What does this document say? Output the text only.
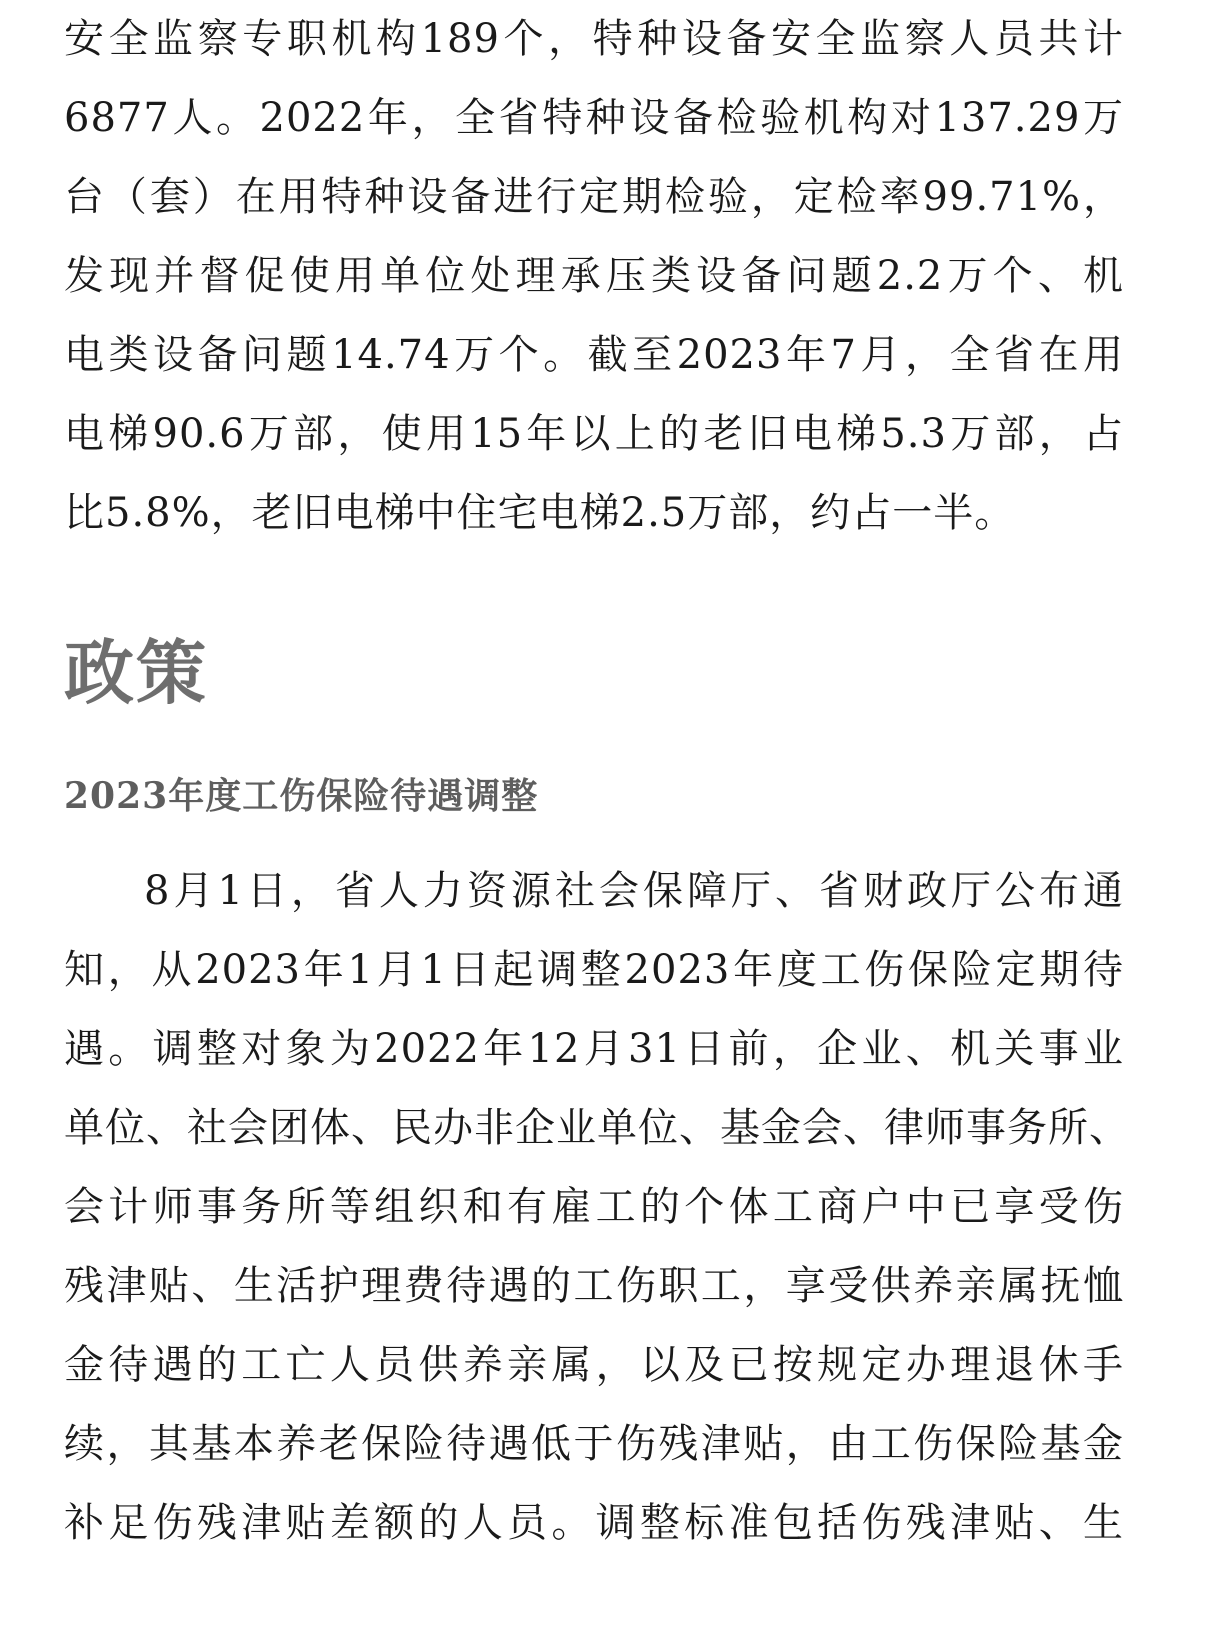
安全监察专职机构189个，特种设备安全监察人员共计
6877人。2022年，全省特种设备检验机构对137.29万
台（套）在用特种设备进行定期检验，定检率99.71%，
发现并督促使用单位处理承压类设备问题2.2万个、机
电类设备问题14.74万个。截至2023年7月，全省在用
电梯90.6万部，使用15年以上的老旧电梯5.3万部，占
比5.8%，老旧电梯中住宅电梯2.5万部，约占一半。
政策
2023年度工伤保险待遇调整
8月1日，省人力资源社会保障厅、省财政厅公布通
知，从2023年1月1日起调整2023年度工伤保险定期待
遇。调整对象为2022年12月31日前，企业、机关事业
单位、社会团体、民办非企业单位、基金会、律师事务所、
会计师事务所等组织和有雇工的个体工商户中已享受伤
残津贴、生活护理费待遇的工伤职工，享受供养亲属抚恤
金待遇的工亡人员供养亲属，以及已按规定办理退休手
续，其基本养老保险待遇低于伤残津贴，由工伤保险基金
补足伤残津贴差额的人员。调整标准包括伤残津贴、生
